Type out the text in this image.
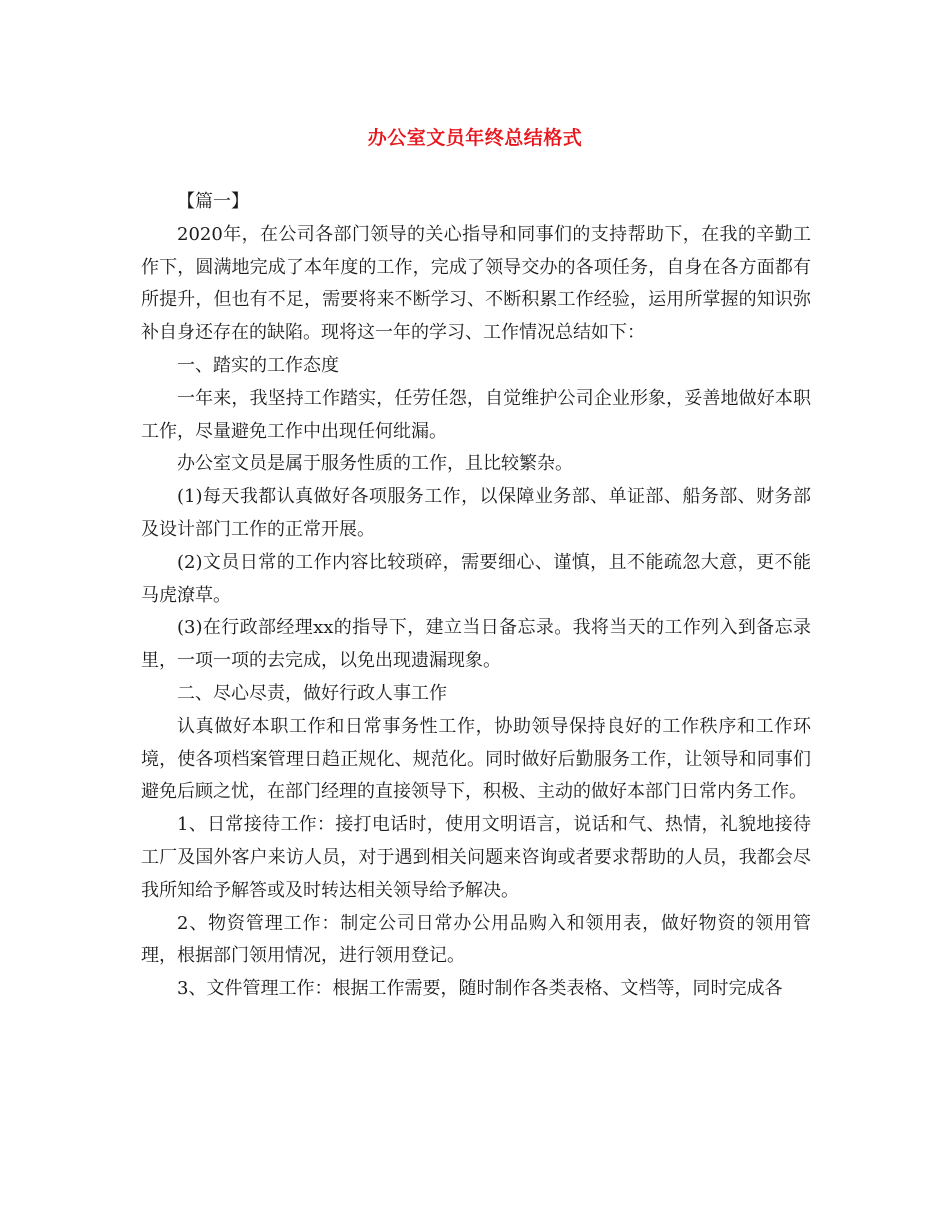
办公室文员年终总结格式

【篇一】

2020年，在公司各部门领导的关心指导和同事们的支持帮助下，在我的辛勤工作下，圆满地完成了本年度的工作，完成了领导交办的各项任务，自身在各方面都有所提升，但也有不足，需要将来不断学习、不断积累工作经验，运用所掌握的知识弥补自身还存在的缺陷。现将这一年的学习、工作情况总结如下：

一、踏实的工作态度

一年来，我坚持工作踏实，任劳任怨，自觉维护公司企业形象，妥善地做好本职工作，尽量避免工作中出现任何纰漏。

办公室文员是属于服务性质的工作，且比较繁杂。

(1)每天我都认真做好各项服务工作，以保障业务部、单证部、船务部、财务部及设计部门工作的正常开展。

(2)文员日常的工作内容比较琐碎，需要细心、谨慎，且不能疏忽大意，更不能马虎潦草。

(3)在行政部经理xx的指导下，建立当日备忘录。我将当天的工作列入到备忘录里，一项一项的去完成，以免出现遗漏现象。

二、尽心尽责，做好行政人事工作

认真做好本职工作和日常事务性工作，协助领导保持良好的工作秩序和工作环境，使各项档案管理日趋正规化、规范化。同时做好后勤服务工作，让领导和同事们避免后顾之忧，在部门经理的直接领导下，积极、主动的做好本部门日常内务工作。

1、日常接待工作：接打电话时，使用文明语言，说话和气、热情，礼貌地接待工厂及国外客户来访人员，对于遇到相关问题来咨询或者要求帮助的人员，我都会尽我所知给予解答或及时转达相关领导给予解决。

2、物资管理工作：制定公司日常办公用品购入和领用表，做好物资的领用管理，根据部门领用情况，进行领用登记。

3、文件管理工作：根据工作需要，随时制作各类表格、文档等，同时完成各
